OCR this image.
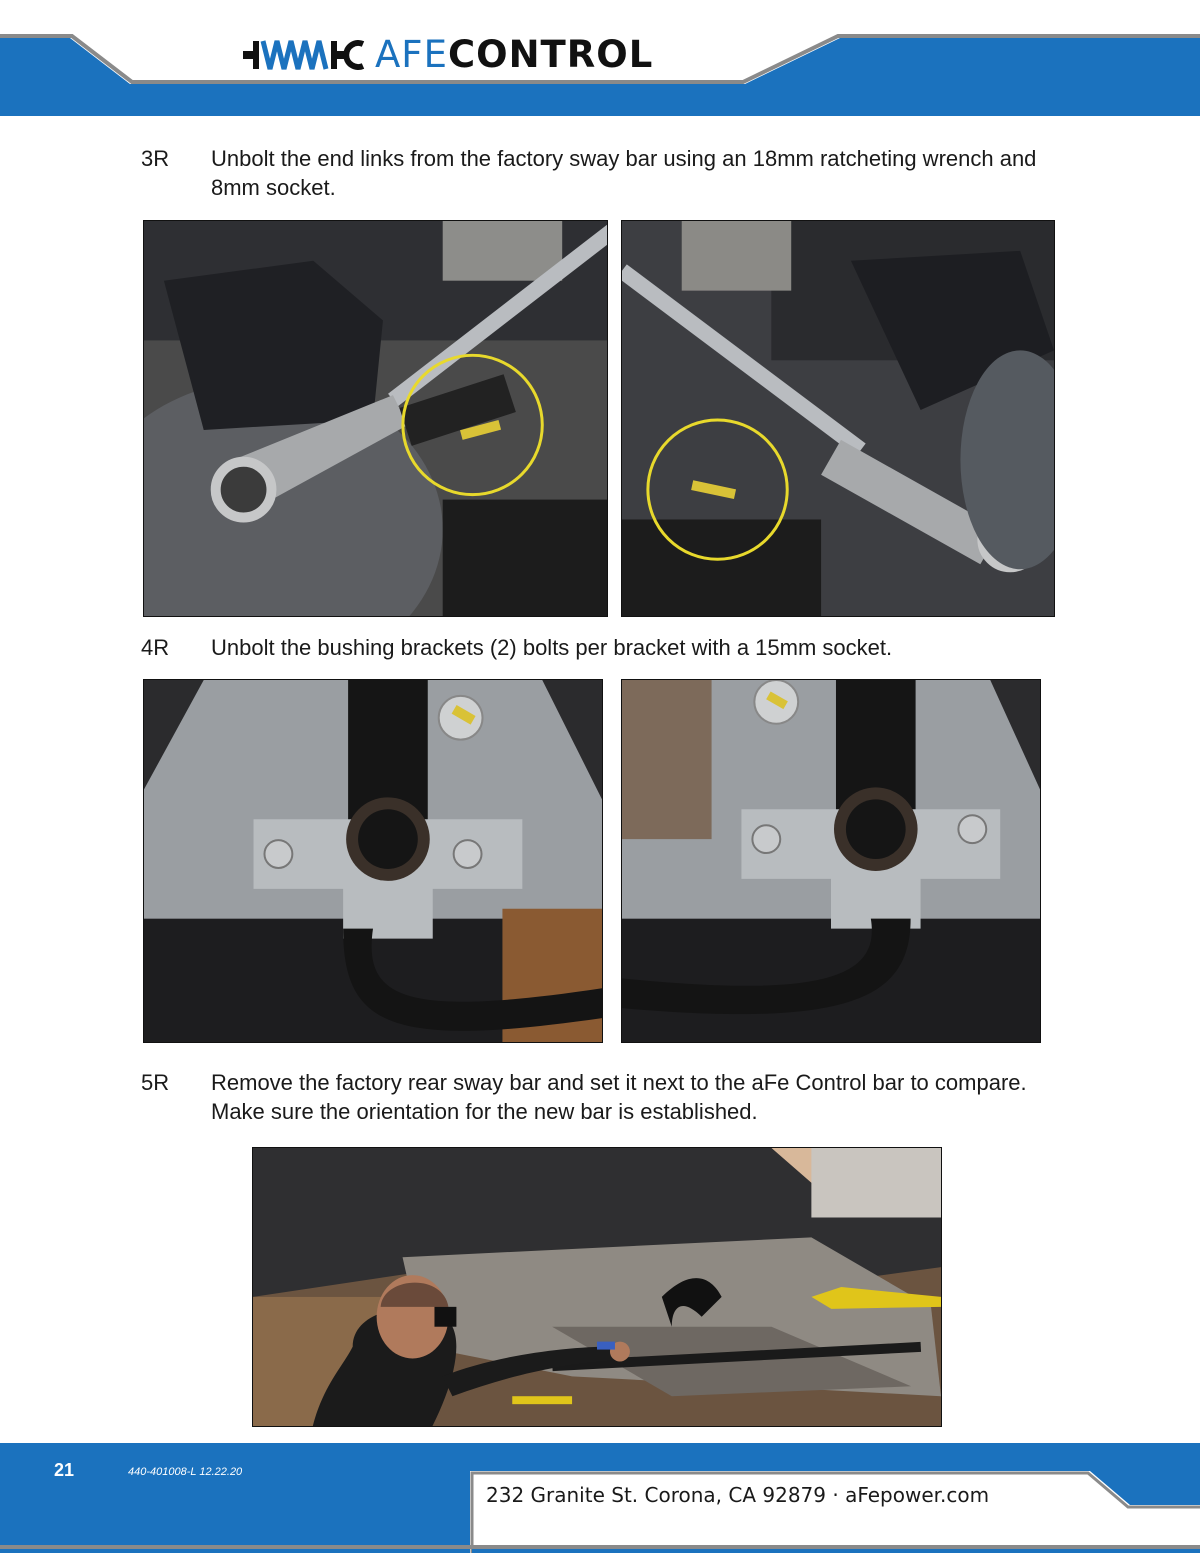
AFECONTROL
3R	Unbolt the end links from the factory sway bar using an 18mm ratcheting wrench and 8mm socket.
4R	Unbolt the bushing brackets (2) bolts per bracket with a 15mm socket.
5R	Remove the factory rear sway bar and set it next to the aFe Control bar to compare. Make sure the orientation for the new bar is established.
21	440-401008-L 12.22.20
232 Granite St. Corona, CA 92879 · aFepower.com
